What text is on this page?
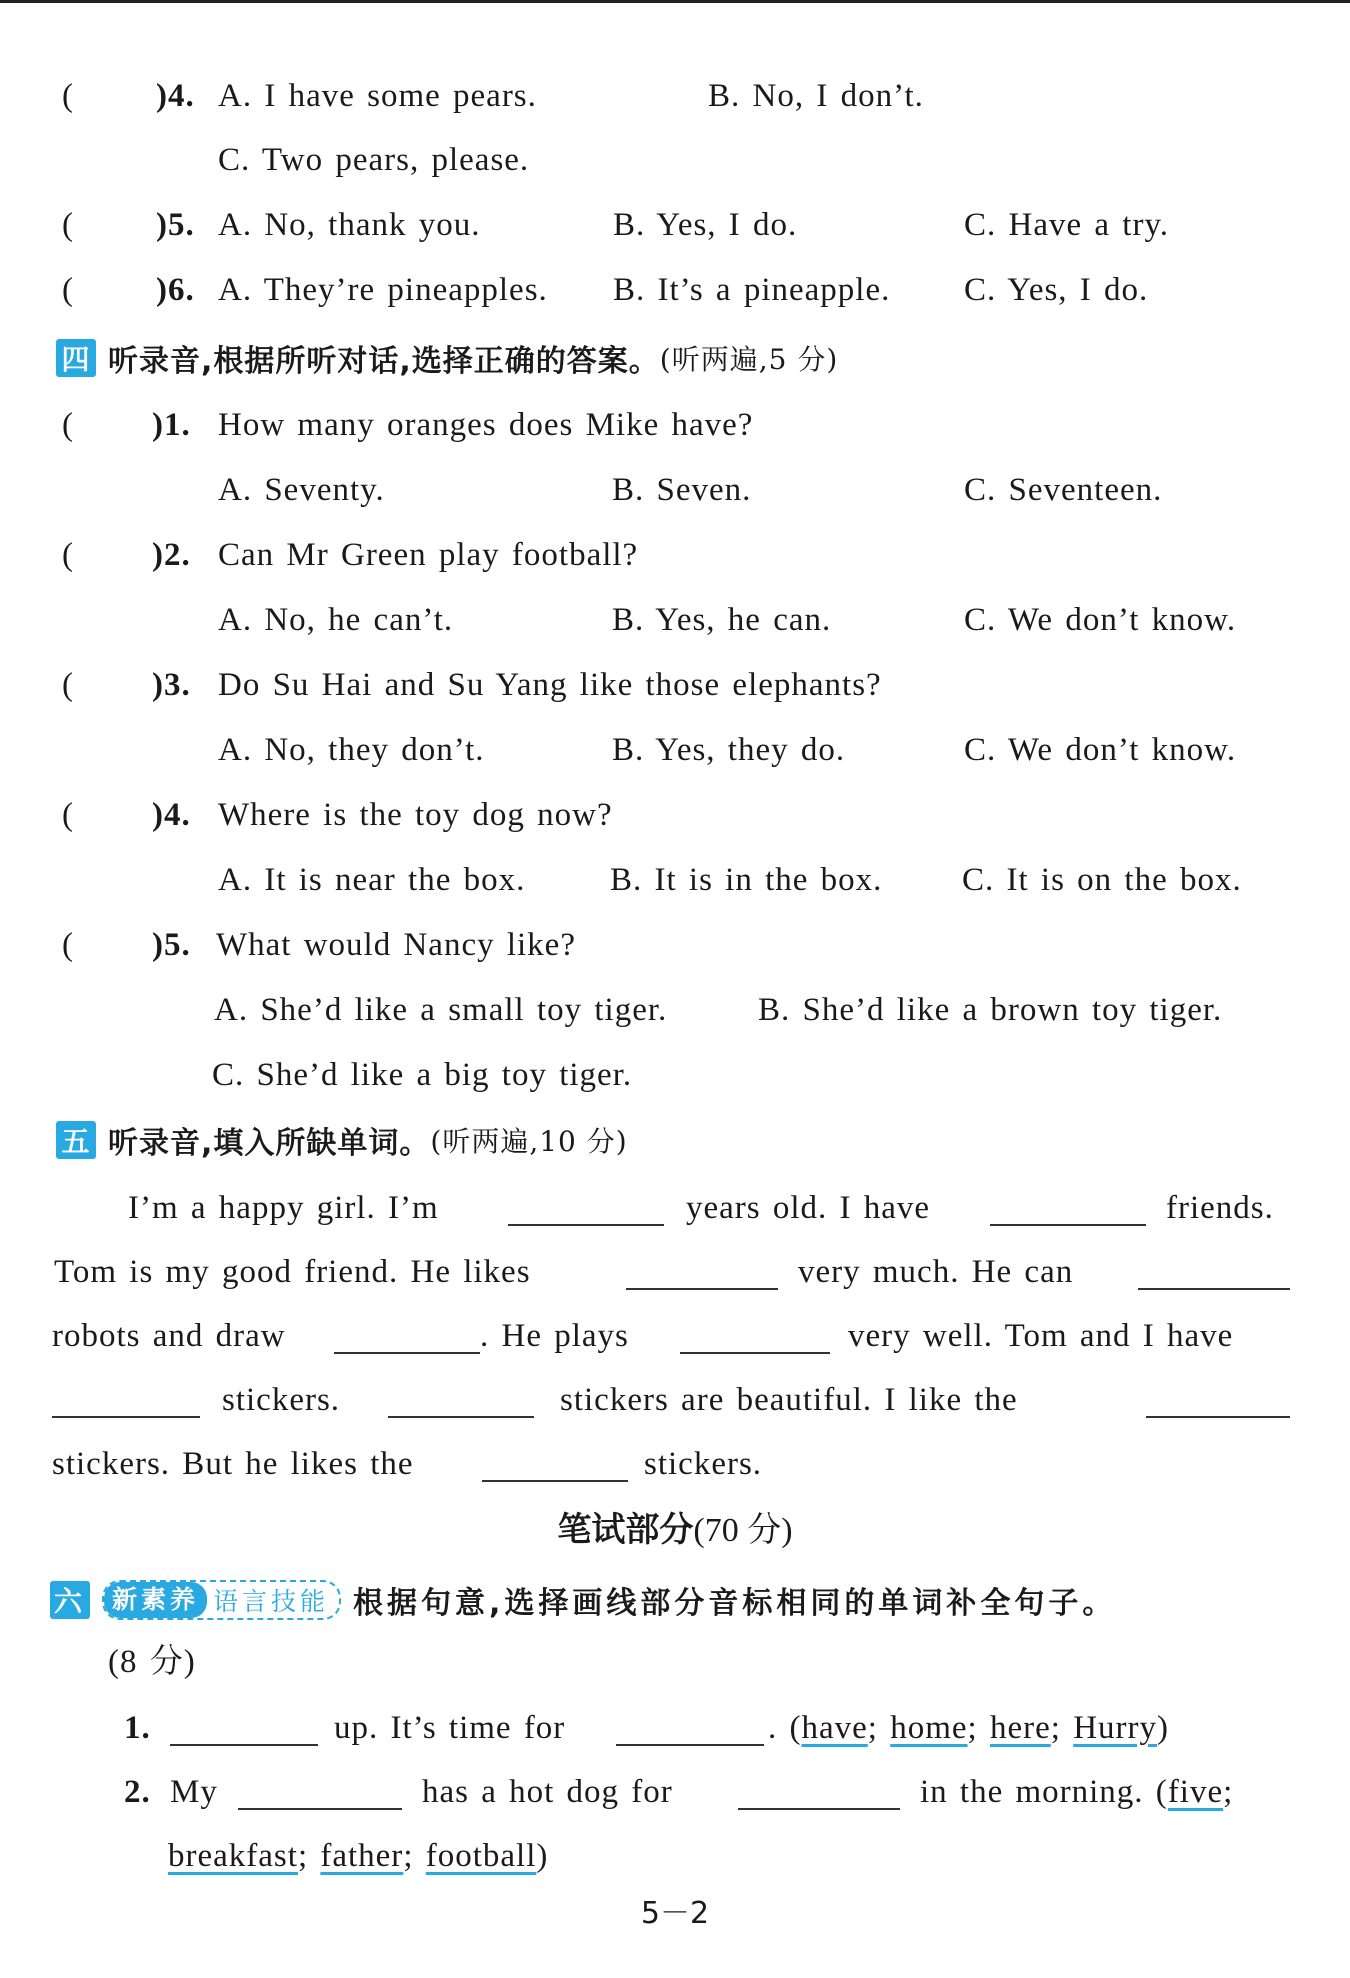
( )4. A. I have some pears.	B. No, I don’t.
C. Two pears, please.
( )5. A. No, thank you.	B. Yes, I do.	C. Have a try.
( )6. A. They’re pineapples. B. It’s a pineapple. C. Yes, I do.
四 听录音,根据所听对话,选择正确的答案。 (听两遍,5 分)
( )1. How many oranges does Mike have?
A. Seventy.	B. Seven.	C. Seventeen.
( )2. Can Mr Green play football?
A. No, he can’t.	B. Yes, he can.	C. We don’t know.
( )3. Do Su Hai and Su Yang like those elephants?
A. No, they don’t.	B. Yes, they do.	C. We don’t know.
( )4. Where is the toy dog now?
A. It is near the box.	B. It is in the box. C. It is on the box.
( )5. What would Nancy like?
A. She’d like a small toy tiger.	B. She’d like a brown toy tiger.
C. She’d like a big toy tiger.
五 听录音,填入所缺单词。 (听两遍,10 分)
I’m a happy girl. I’m	years old. I have	friends.
Tom is my good friend. He likes	very much. He can
robots and draw	. He plays	very well. Tom and I have
stickers.	stickers are beautiful. I like the
stickers. But he likes the	stickers.
笔试部分(70 分)
六	新素养 语言技能 根据句意,选择画线部分音标相同的单词补全句子。
(8 分)
1.	up. It’s time for	. (have; home; here; Hurry)
2. My	has a hot dog for	in the morning. (five;
breakfast; father; football)
5－2
